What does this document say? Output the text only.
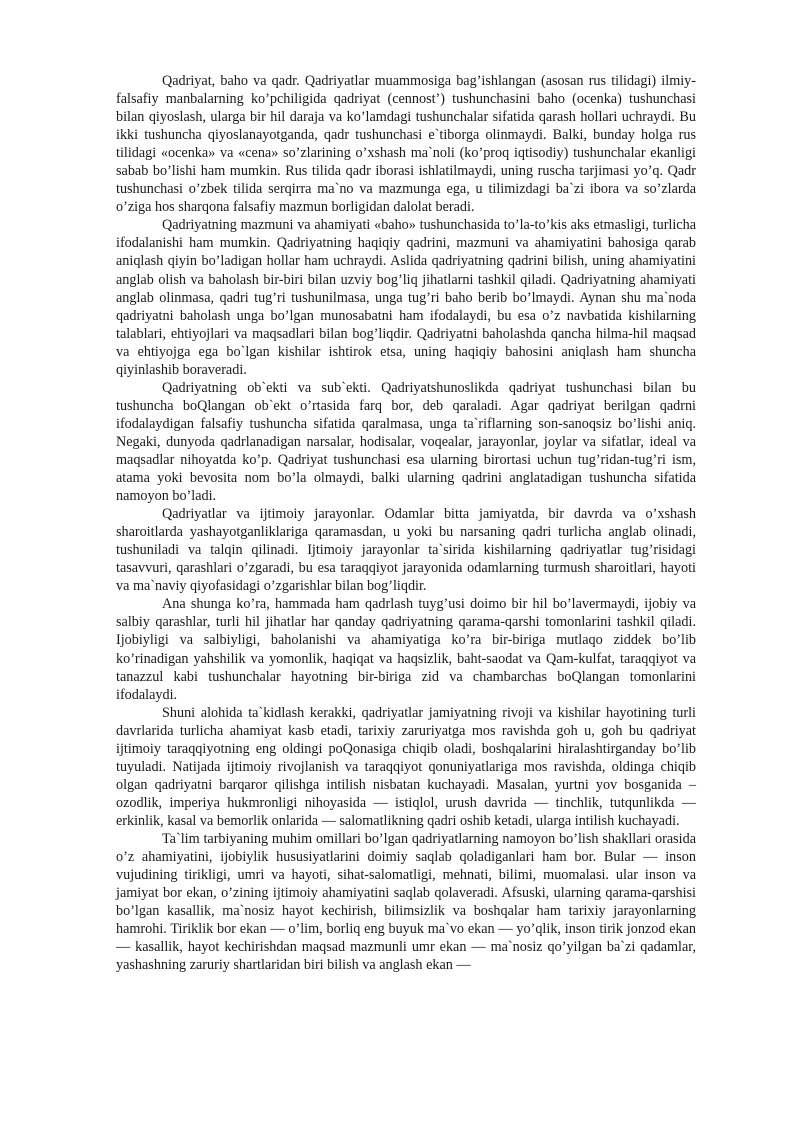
Qadriyat, baho va qadr. Qadriyatlar muammosiga bag’ishlangan (asosan rus tilidagi) ilmiy-falsafiy manbalarning ko’pchiligida qadriyat (cennost’) tushunchasini baho (ocenka) tushunchasi bilan qiyoslash, ularga bir hil daraja va ko’lamdagi tushunchalar sifatida qarash hollari uchraydi. Bu ikki tushuncha qiyoslanayotganda, qadr tushunchasi e`tiborga olinmaydi. Balki, bunday holga rus tilidagi «ocenka» va «cena» so’zlarining o’xshash ma`noli (ko’proq iqtisodiy) tushunchalar ekanligi sabab bo’lishi ham mumkin. Rus tilida qadr iborasi ishlatilmaydi, uning ruscha tarjimasi yo’q. Qadr tushunchasi o’zbek tilida serqirra ma`no va mazmunga ega, u tilimizdagi ba`zi ibora va so’zlarda o’ziga hos sharqona falsafiy mazmun borligidan dalolat beradi.

Qadriyatning mazmuni va ahamiyati «baho» tushunchasida to’la-to’kis aks etmasligi, turlicha ifodalanishi ham mumkin. Qadriyatning haqiqiy qadrini, mazmuni va ahamiyatini bahosiga qarab aniqlash qiyin bo’ladigan hollar ham uchraydi. Aslida qadriyatning qadrini bilish, uning ahamiyatini anglab olish va baholash bir-biri bilan uzviy bog’liq jihatlarni tashkil qiladi. Qadriyatning ahamiyati anglab olinmasa, qadri tug’ri tushunilmasa, unga tug’ri baho berib bo’lmaydi. Aynan shu ma`noda qadriyatni baholash unga bo’lgan munosabatni ham ifodalaydi, bu esa o’z navbatida kishilarning talablari, ehtiyojlari va maqsadlari bilan bog’liqdir. Qadriyatni baholashda qancha hilma-hil maqsad va ehtiyojga ega bo`lgan kishilar ishtirok etsa, uning haqiqiy bahosini aniqlash ham shuncha qiyinlashib boraveradi.

Qadriyatning ob`ekti va sub`ekti. Qadriyatshunoslikda qadriyat tushunchasi bilan bu tushuncha boQlangan ob`ekt o’rtasida farq bor, deb qaraladi. Agar qadriyat berilgan qadrni ifodalaydigan falsafiy tushuncha sifatida qaralmasa, unga ta`riflarning son-sanoqsiz bo’lishi aniq. Negaki, dunyoda qadrlanadigan narsalar, hodisalar, voqealar, jarayonlar, joylar va sifatlar, ideal va maqsadlar nihoyatda ko’p. Qadriyat tushunchasi esa ularning birortasi uchun tug’ridan-tug’ri ism, atama yoki bevosita nom bo’la olmaydi, balki ularning qadrini anglatadigan tushuncha sifatida namoyon bo’ladi.

Qadriyatlar va ijtimoiy jarayonlar. Odamlar bitta jamiyatda, bir davrda va o’xshash sharoitlarda yashayotganliklariga qaramasdan, u yoki bu narsaning qadri turlicha anglab olinadi, tushuniladi va talqin qilinadi. Ijtimoiy jarayonlar ta`sirida kishilarning qadriyatlar tug’risidagi tasavvuri, qarashlari o’zgaradi, bu esa taraqqiyot jarayonida odamlarning turmush sharoitlari, hayoti va ma`naviy qiyofasidagi o’zgarishlar bilan bog’liqdir.

Ana shunga ko’ra, hammada ham qadrlash tuyg’usi doimo bir hil bo’lavermaydi, ijobiy va salbiy qarashlar, turli hil jihatlar har qanday qadriyatning qarama-qarshi tomonlarini tashkil qiladi. Ijobiyligi va salbiyligi, baholanishi va ahamiyatiga ko’ra bir-biriga mutlaqo ziddek bo’lib ko’rinadigan yahshilik va yomonlik, haqiqat va haqsizlik, baht-saodat va Qam-kulfat, taraqqiyot va tanazzul kabi tushunchalar hayotning bir-biriga zid va chambarchas boQlangan tomonlarini ifodalaydi.

Shuni alohida ta`kidlash kerakki, qadriyatlar jamiyatning rivoji va kishilar hayotining turli davrlarida turlicha ahamiyat kasb etadi, tarixiy zaruriyatga mos ravishda goh u, goh bu qadriyat ijtimoiy taraqqiyotning eng oldingi poQonasiga chiqib oladi, boshqalarini hiralashtirganday bo’lib tuyuladi. Natijada ijtimoiy rivojlanish va taraqqiyot qonuniyatlariga mos ravishda, oldinga chiqib olgan qadriyatni barqaror qilishga intilish nisbatan kuchayadi. Masalan, yurtni yov bosganida – ozodlik, imperiya hukmronligi nihoyasida — istiqlol, urush davrida — tinchlik, tutqunlikda — erkinlik, kasal va bemorlik onlarida — salomatlikning qadri oshib ketadi, ularga intilish kuchayadi.

Ta`lim tarbiyaning muhim omillari bo’lgan qadriyatlarning namoyon bo’lish shakllari orasida o’z ahamiyatini, ijobiylik hususiyatlarini doimiy saqlab qoladiganlari ham bor. Bular — inson vujudining tirikligi, umri va hayoti, sihat-salomatligi, mehnati, bilimi, muomalasi. ular inson va jamiyat bor ekan, o’zining ijtimoiy ahamiyatini saqlab qolaveradi. Afsuski, ularning qarama-qarshisi bo’lgan kasallik, ma`nosiz hayot kechirish, bilimsizlik va boshqalar ham tarixiy jarayonlarning hamrohi. Tiriklik bor ekan — o’lim, borliq eng buyuk ma`vo ekan — yo’qlik, inson tirik jonzod ekan — kasallik, hayot kechirishdan maqsad mazmunli umr ekan — ma`nosiz qo’yilgan ba`zi qadamlar, yashashning zaruriy shartlaridan biri bilish va anglash ekan —
